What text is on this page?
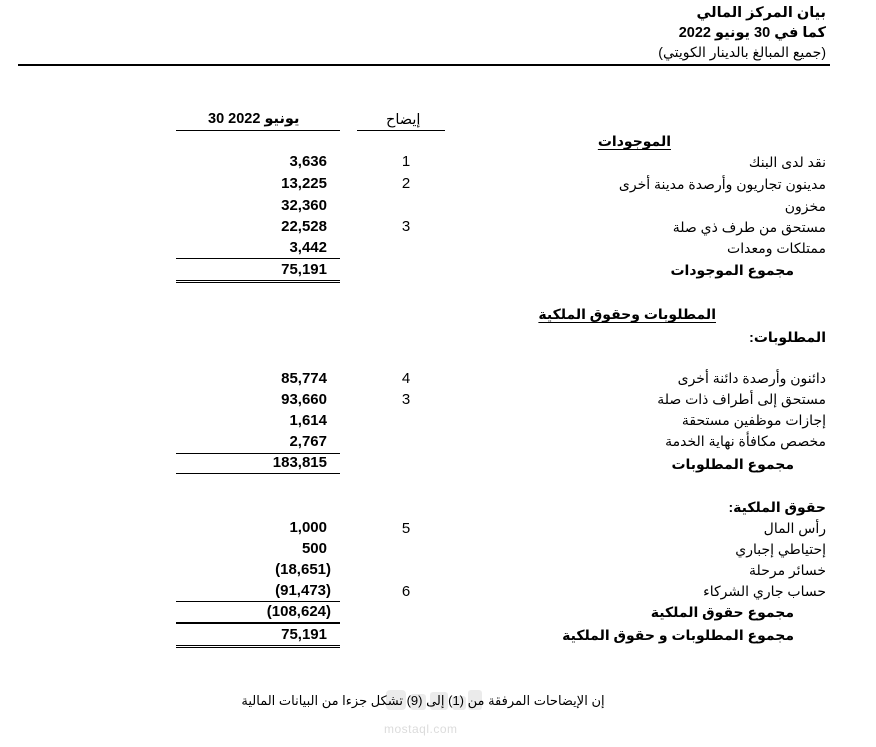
بيان المركز المالي
كما في 30 يونيو 2022
(جميع المبالغ بالدينار الكويتي)
30 يونيو 2022	إيضاح
الموجودات
نقد لدى البنك
1
3,636
مدينون تجاريون وأرصدة مدينة أخرى
2
13,225
مخزون
32,360
مستحق من طرف ذي صلة
3
22,528
ممتلكات ومعدات
3,442
مجموع الموجودات
75,191
المطلوبات وحقوق الملكية
المطلوبات:
دائنون وأرصدة دائنة أخرى
4
85,774
مستحق إلى أطراف ذات صلة
3
93,660
إجازات موظفين مستحقة
1,614
مخصص مكافأة نهاية الخدمة
2,767
مجموع المطلوبات
183,815
حقوق الملكية:
رأس المال
5
1,000
إحتياطي إجباري
500
خسائر مرحلة
(18,651)
حساب جاري الشركاء
6
(91,473)
مجموع حقوق الملكية
(108,624)
مجموع المطلوبات و حقوق الملكية
75,191
mostaql.com
إن الإيضاحات المرفقة من (1) إلى (9) تشكل جزءا من البيانات المالية
